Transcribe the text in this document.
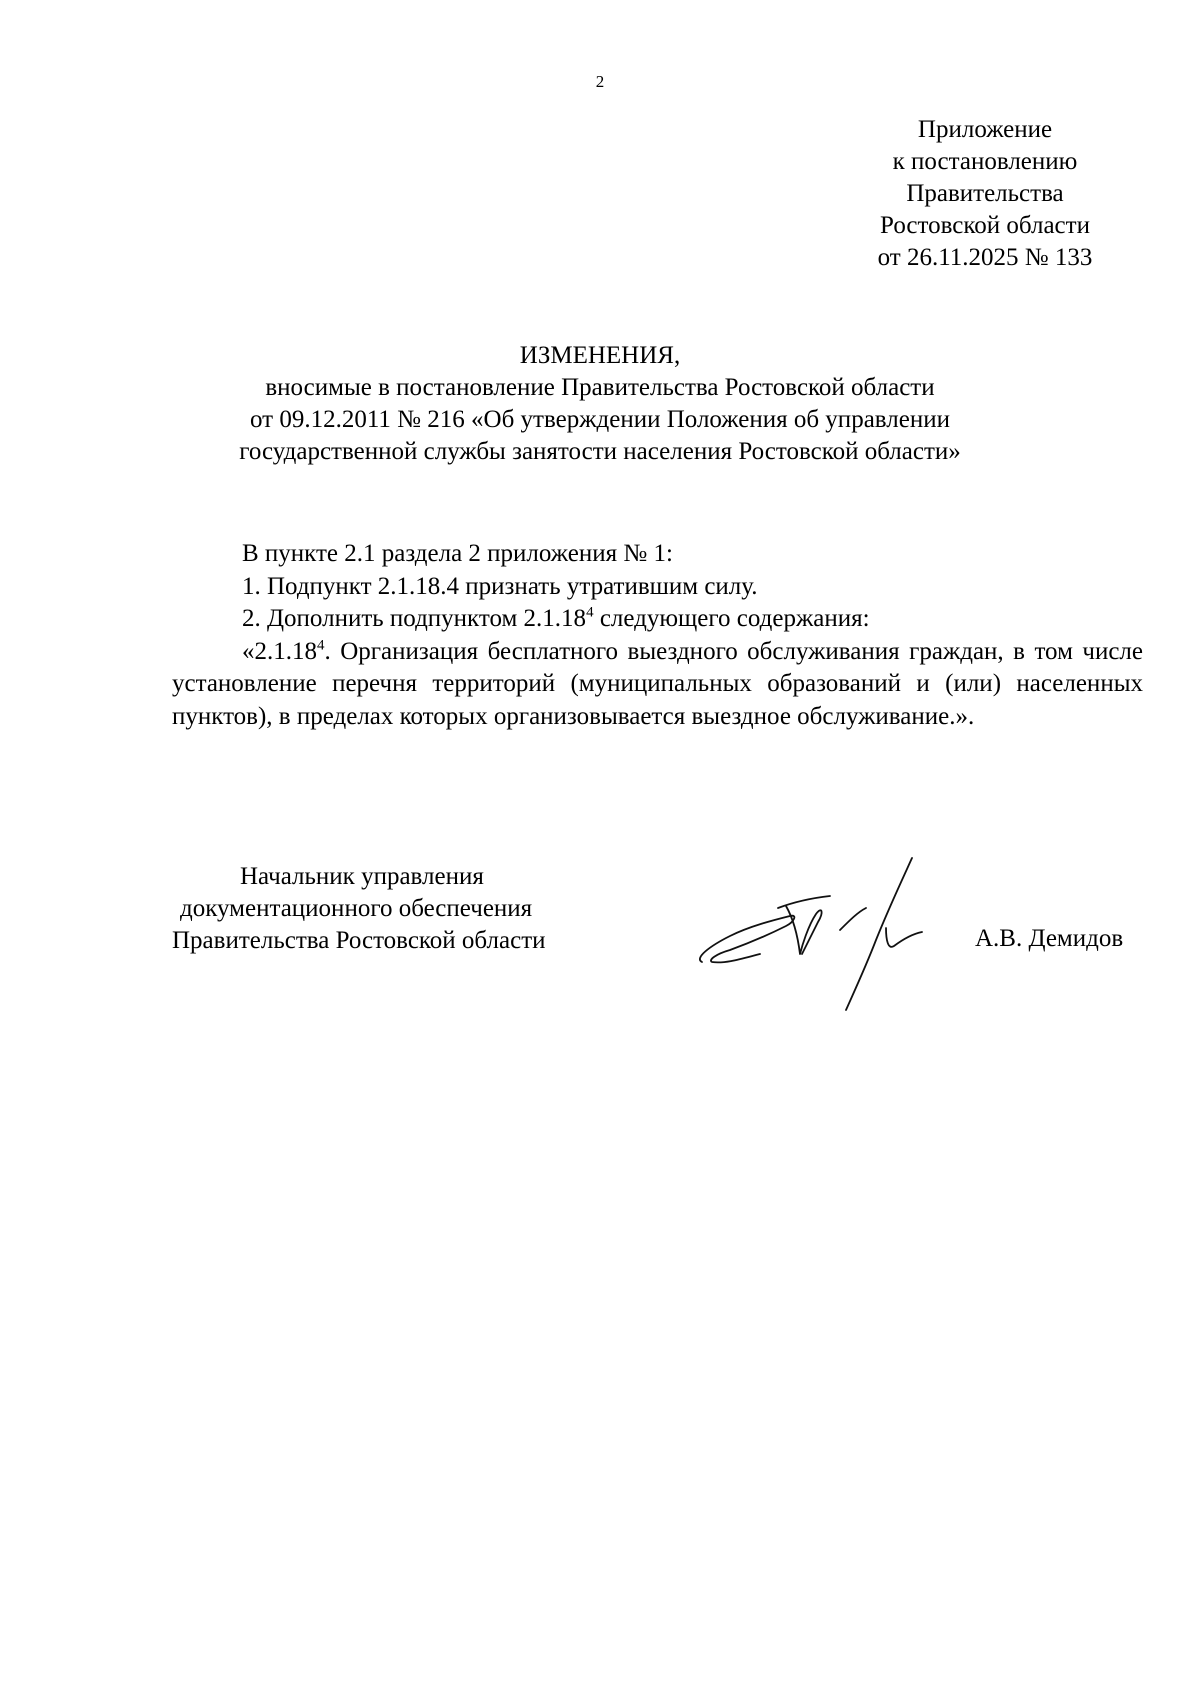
2
Приложение
к постановлению
Правительства
Ростовской области
от 26.11.2025 № 133
ИЗМЕНЕНИЯ,
вносимые в постановление Правительства Ростовской области
от 09.12.2011 № 216 «Об утверждении Положения об управлении
государственной службы занятости населения Ростовской области»
В пункте 2.1 раздела 2 приложения № 1:
1. Подпункт 2.1.18.4 признать утратившим силу.
2. Дополнить подпунктом 2.1.18$^4$ следующего содержания:
«2.1.18$^4$. Организация бесплатного выездного обслуживания граждан, в том числе установление перечня территорий (муниципальных образований и (или) населенных пунктов), в пределах которых организовывается выездное обслуживание.».
Начальник управления
документационного обеспечения
Правительства Ростовской области	А.В. Демидов
